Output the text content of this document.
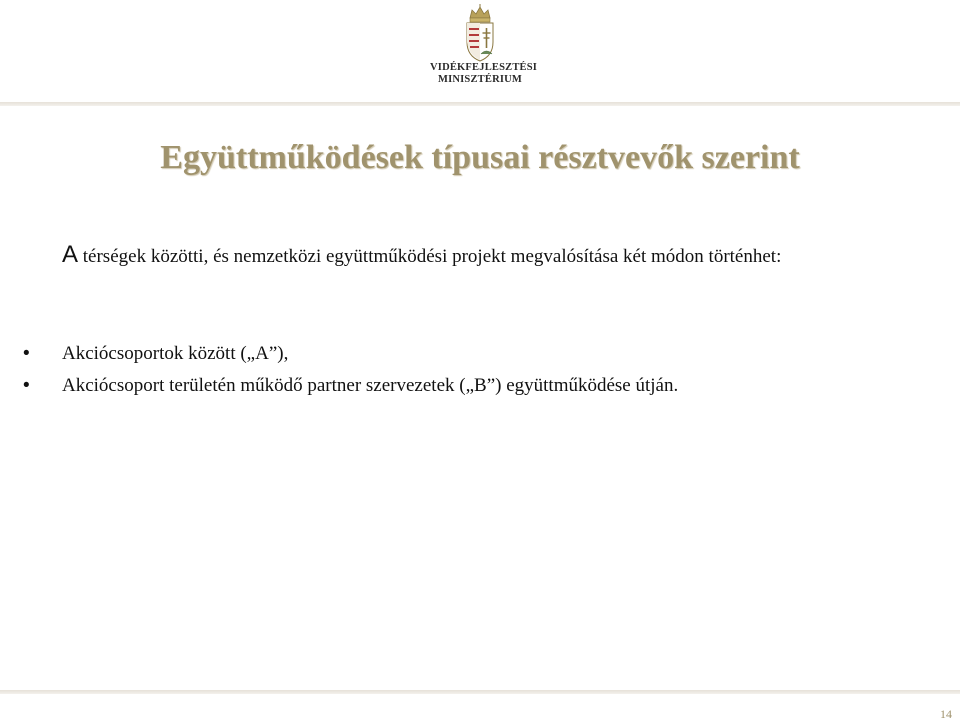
VIDÉKFEJLESZTÉSI
MINISZTÉRIUM
Együttműködések típusai résztvevők szerint
A térségek közötti, és nemzetközi együttműködési projekt megvalósítása két módon történhet:
• Akciócsoportok között („A”),
• Akciócsoport területén működő partner szervezetek („B”) együttműködése útján.
14
